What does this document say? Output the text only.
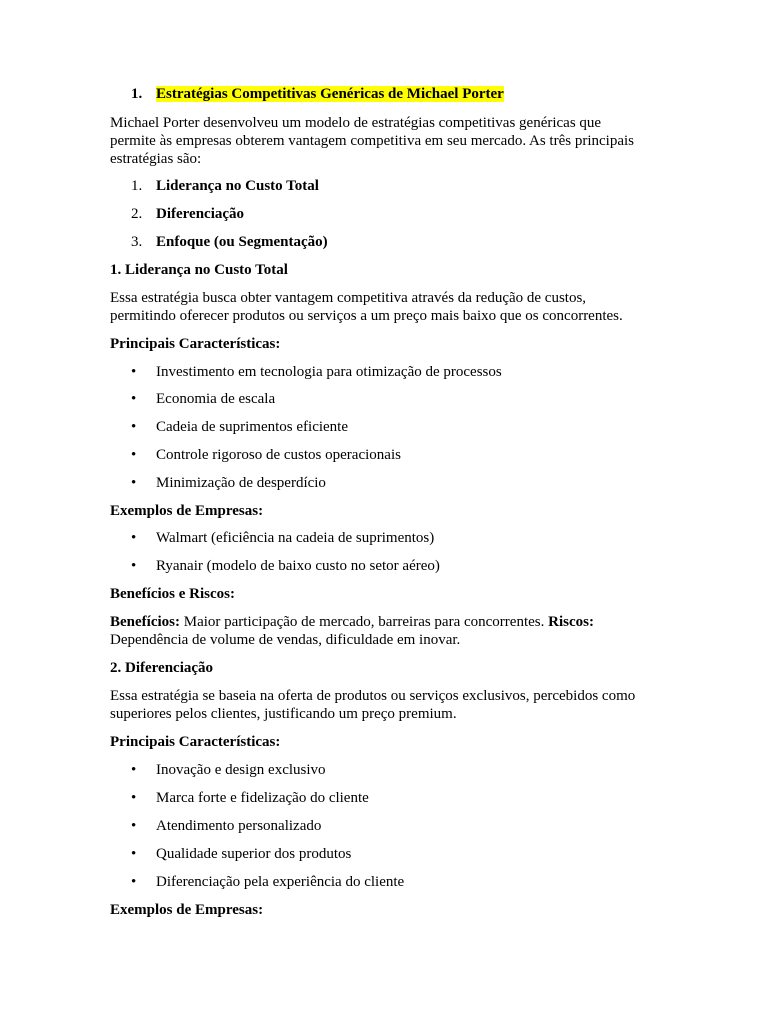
1. Estratégias Competitivas Genéricas de Michael Porter
Michael Porter desenvolveu um modelo de estratégias competitivas genéricas que
permite às empresas obterem vantagem competitiva em seu mercado. As três principais
estratégias são:
1. Liderança no Custo Total
2. Diferenciação
3. Enfoque (ou Segmentação)
1. Liderança no Custo Total
Essa estratégia busca obter vantagem competitiva através da redução de custos,
permitindo oferecer produtos ou serviços a um preço mais baixo que os concorrentes.
Principais Características:
• Investimento em tecnologia para otimização de processos
• Economia de escala
• Cadeia de suprimentos eficiente
• Controle rigoroso de custos operacionais
• Minimização de desperdício
Exemplos de Empresas:
• Walmart (eficiência na cadeia de suprimentos)
• Ryanair (modelo de baixo custo no setor aéreo)
Benefícios e Riscos:
Benefícios: Maior participação de mercado, barreiras para concorrentes. Riscos:
Dependência de volume de vendas, dificuldade em inovar.
2. Diferenciação
Essa estratégia se baseia na oferta de produtos ou serviços exclusivos, percebidos como
superiores pelos clientes, justificando um preço premium.
Principais Características:
• Inovação e design exclusivo
• Marca forte e fidelização do cliente
• Atendimento personalizado
• Qualidade superior dos produtos
• Diferenciação pela experiência do cliente
Exemplos de Empresas:
